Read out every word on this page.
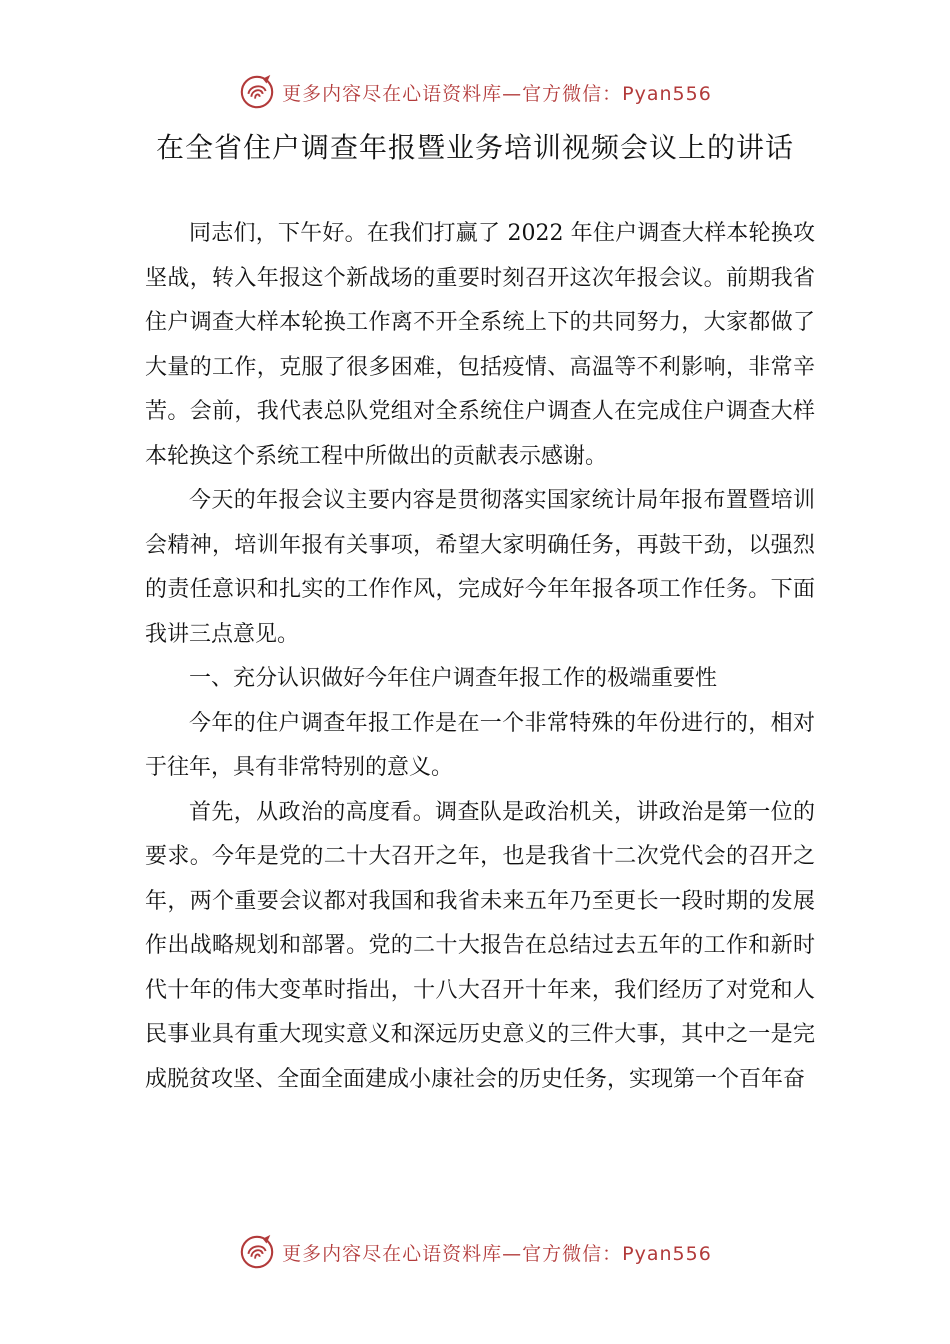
更多内容尽在心语资料库—官方微信：Pyan556
在全省住户调查年报暨业务培训视频会议上的讲话

同志们，下午好。在我们打赢了 2022 年住户调查大样本轮换攻坚战，转入年报这个新战场的重要时刻召开这次年报会议。前期我省住户调查大样本轮换工作离不开全系统上下的共同努力，大家都做了大量的工作，克服了很多困难，包括疫情、高温等不利影响，非常辛苦。会前，我代表总队党组对全系统住户调查人在完成住户调查大样本轮换这个系统工程中所做出的贡献表示感谢。

今天的年报会议主要内容是贯彻落实国家统计局年报布置暨培训会精神，培训年报有关事项，希望大家明确任务，再鼓干劲，以强烈的责任意识和扎实的工作作风，完成好今年年报各项工作任务。下面我讲三点意见。

一、充分认识做好今年住户调查年报工作的极端重要性

今年的住户调查年报工作是在一个非常特殊的年份进行的，相对于往年，具有非常特别的意义。

首先，从政治的高度看。调查队是政治机关，讲政治是第一位的要求。今年是党的二十大召开之年，也是我省十二次党代会的召开之年，两个重要会议都对我国和我省未来五年乃至更长一段时期的发展作出战略规划和部署。党的二十大报告在总结过去五年的工作和新时代十年的伟大变革时指出，十八大召开十年来，我们经历了对党和人民事业具有重大现实意义和深远历史意义的三件大事，其中之一是完成脱贫攻坚、全面全面建成小康社会的历史任务，实现第一个百年奋

更多内容尽在心语资料库—官方微信：Pyan556
